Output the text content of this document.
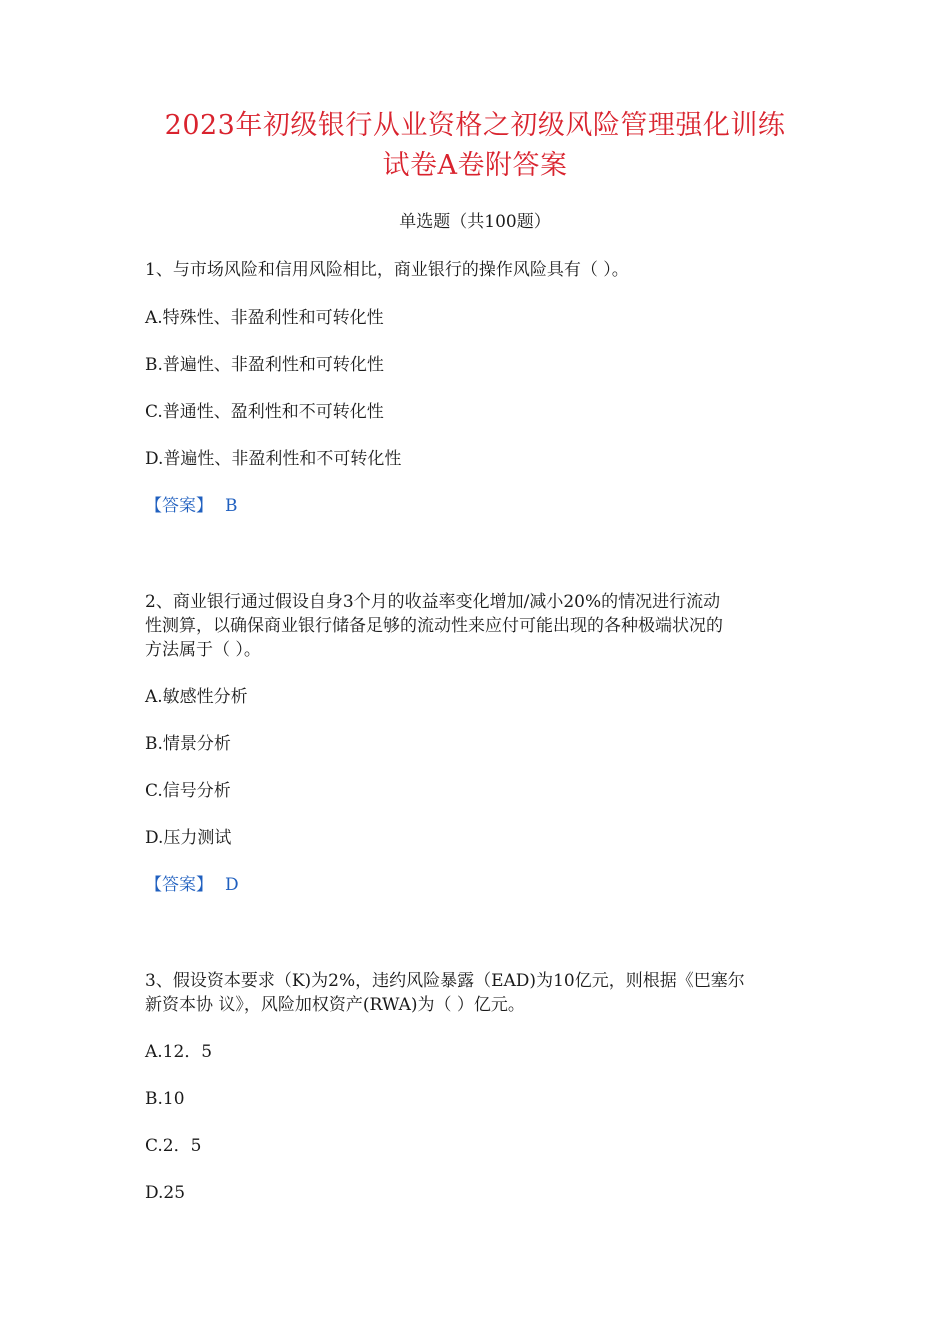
2023年初级银行从业资格之初级风险管理强化训练
试卷A卷附答案
单选题（共100题）
1、与市场风险和信用风险相比，商业银行的操作风险具有（ ）。
A.特殊性、非盈利性和可转化性
B.普遍性、非盈利性和可转化性
C.普通性、盈利性和不可转化性
D.普遍性、非盈利性和不可转化性
【答案】 B
2、商业银行通过假设自身3个月的收益率变化增加/减小20%的情况进行流动
性测算，以确保商业银行储备足够的流动性来应付可能出现的各种极端状况的
方法属于（ ）。
A.敏感性分析
B.情景分析
C.信号分析
D.压力测试
【答案】 D
3、假设资本要求（K)为2%，违约风险暴露（EAD)为10亿元，则根据《巴塞尔
新资本协 议》，风险加权资产(RWA)为（ ）亿元。
A.12．5
B.10
C.2．5
D.25
